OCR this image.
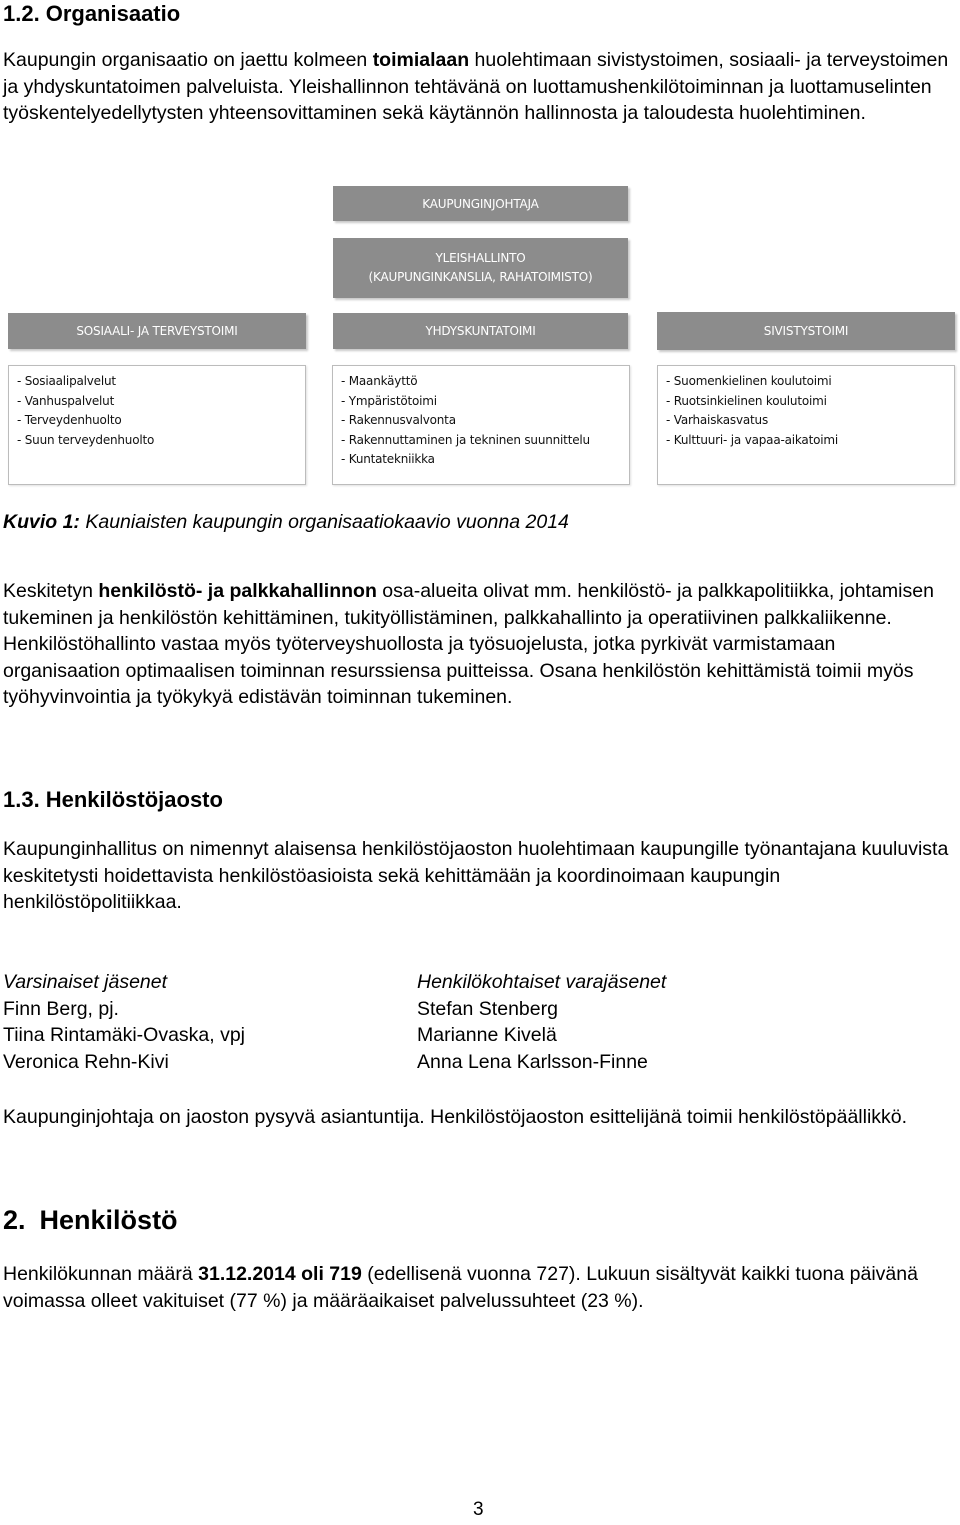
1.2. Organisaatio

Kaupungin organisaatio on jaettu kolmeen toimialaan huolehtimaan sivistystoimen, sosiaali- ja terveystoimen ja yhdyskuntatoimen palveluista. Yleishallinnon tehtävänä on luottamushenkilötoiminnan ja luottamuselinten työskentelyedellytysten yhteensovittaminen sekä käytännön hallinnosta ja taloudesta huolehtiminen.

KAUPUNGINJOHTAJA
YLEISHALLINTO
(KAUPUNGINKANSLIA, RAHATOIMISTO)
SOSIAALI- JA TERVEYSTOIMI	YHDYSKUNTATOIMI	SIVISTYSTOIMI
- Sosiaalipalvelut
- Vanhuspalvelut
- Terveydenhuolto
- Suun terveydenhuolto
- Maankäyttö
- Ympäristötoimi
- Rakennusvalvonta
- Rakennuttaminen ja tekninen suunnittelu
- Kuntatekniikka
- Suomenkielinen koulutoimi
- Ruotsinkielinen koulutoimi
- Varhaiskasvatus
- Kulttuuri- ja vapaa-aikatoimi
Kuvio 1: Kauniaisten kaupungin organisaatiokaavio vuonna 2014

Keskitetyn henkilöstö- ja palkkahallinnon osa-alueita olivat mm. henkilöstö- ja palkkapolitiikka, johtamisen tukeminen ja henkilöstön kehittäminen, tukityöllistäminen, palkkahallinto ja operatiivinen palkkaliikenne. Henkilöstöhallinto vastaa myös työterveyshuollosta ja työsuojelusta, jotka pyrkivät varmistamaan organisaation optimaalisen toiminnan resurssiensa puitteissa. Osana henkilöstön kehittämistä toimii myös työhyvinvointia ja työkykyä edistävän toiminnan tukeminen.

1.3. Henkilöstöjaosto

Kaupunginhallitus on nimennyt alaisensa henkilöstöjaoston huolehtimaan kaupungille työnantajana kuuluvista keskitetysti hoidettavista henkilöstöasioista sekä kehittämään ja koordinoimaan kaupungin henkilöstöpolitiikkaa.

Varsinaiset jäsenet
Finn Berg, pj.
Tiina Rintamäki-Ovaska, vpj
Veronica Rehn-Kivi
Henkilökohtaiset varajäsenet
Stefan Stenberg
Marianne Kivelä
Anna Lena Karlsson-Finne

Kaupunginjohtaja on jaoston pysyvä asiantuntija. Henkilöstöjaoston esittelijänä toimii henkilöstöpäällikkö.

2. Henkilöstö

Henkilökunnan määrä 31.12.2014 oli 719 (edellisenä vuonna 727). Lukuun sisältyvät kaikki tuona päivänä voimassa olleet vakituiset (77 %) ja määräaikaiset palvelussuhteet (23 %).

3
